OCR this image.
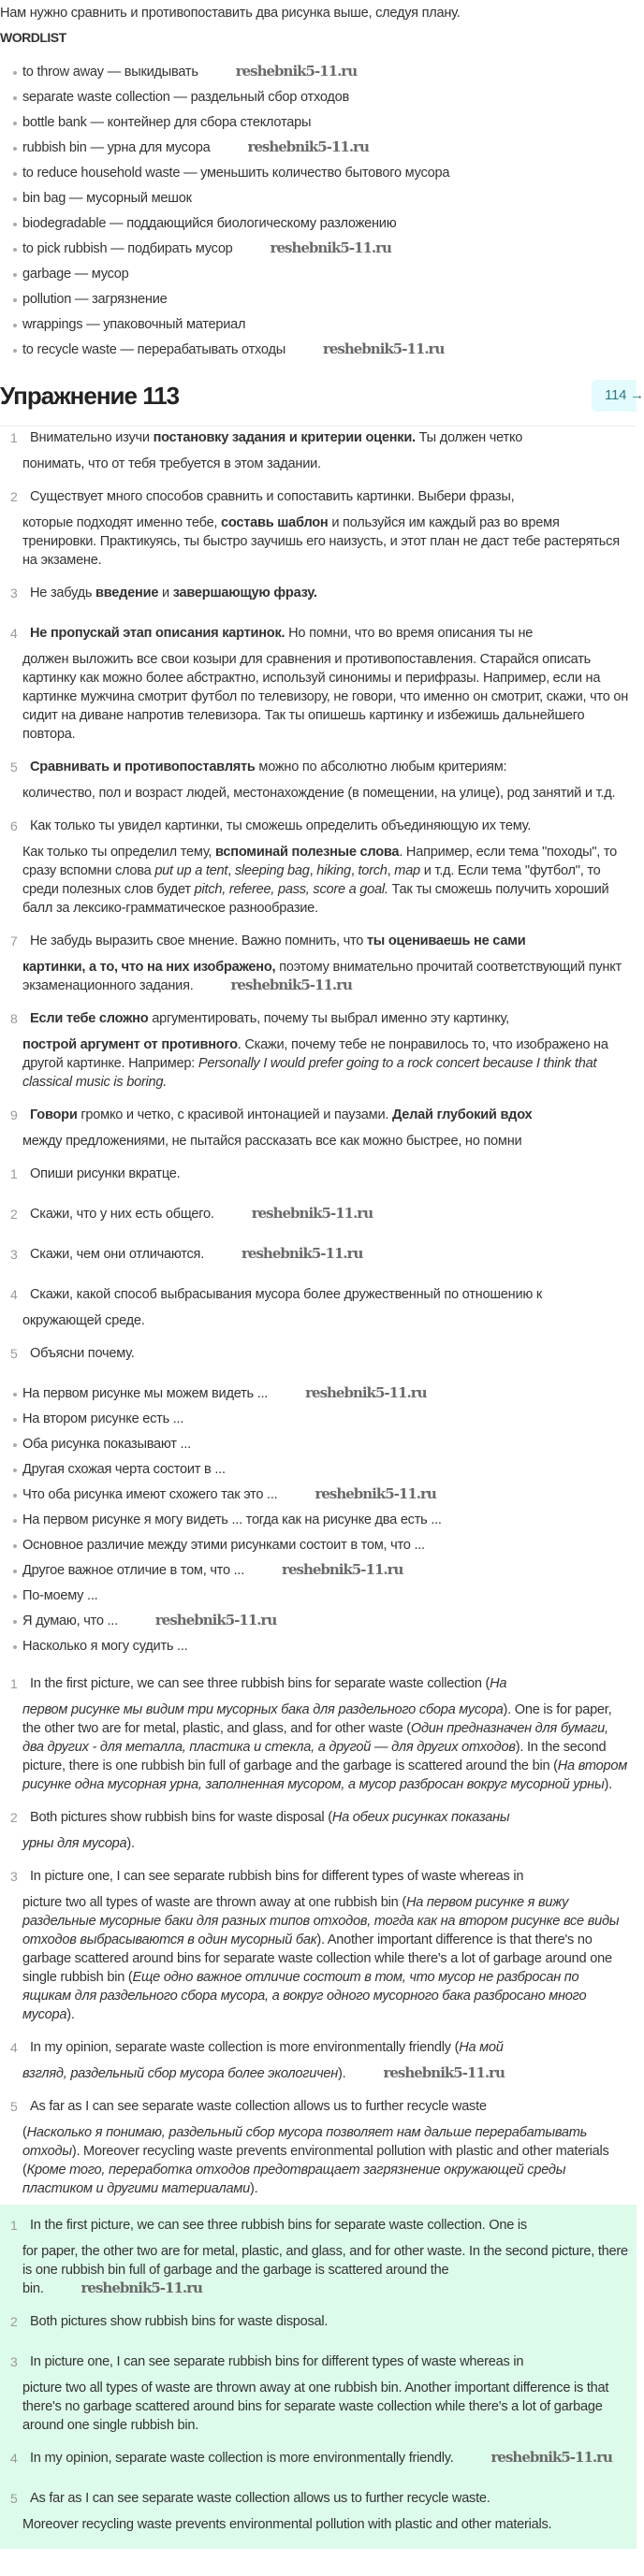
Нам нужно сравнить и противопоставить два рисунка выше, следуя плану.
WORDLIST
to throw away — выкидывать	reshebnik5-11.ru
separate waste collection — раздельный сбор отходов
bottle bank — контейнер для сбора стеклотары
rubbish bin — урна для мусора	reshebnik5-11.ru
to reduce household waste — уменьшить количество бытового мусора
bin bag — мусорный мешок
biodegradable — поддающийся биологическому разложению
to pick rubbish — подбирать мусор	reshebnik5-11.ru
garbage — мусор
pollution — загрязнение
wrappings — упаковочный материал
to recycle waste — перерабатывать отходы	reshebnik5-11.ru
Упражнение 113	114 →
1 Внимательно изучи постановку задания и критерии оценки. Ты должен четко
понимать, что от тебя требуется в этом задании.
2 Существует много способов сравнить и сопоставить картинки. Выбери фразы,
которые подходят именно тебе, составь шаблон и пользуйся им каждый раз во время тренировки. Практикуясь, ты быстро заучишь его наизусть, и этот план не даст тебе растеряться на экзамене.
3 Не забудь введение и завершающую фразу.
4 Не пропускай этап описания картинок. Но помни, что во время описания ты не
должен выложить все свои козыри для сравнения и противопоставления. Старайся описать картинку как можно более абстрактно, используй синонимы и перифразы. Например, если на картинке мужчина смотрит футбол по телевизору, не говори, что именно он смотрит, скажи, что он сидит на диване напротив телевизора. Так ты опишешь картинку и избежишь дальнейшего повтора.
5 Сравнивать и противопоставлять можно по абсолютно любым критериям:
количество, пол и возраст людей, местонахождение (в помещении, на улице), род занятий и т.д.
6 Как только ты увидел картинки, ты сможешь определить объединяющую их тему.
Как только ты определил тему, вспоминай полезные слова. Например, если тема "походы", то сразу вспомни слова put up a tent, sleeping bag, hiking, torch, map и т.д. Если тема "футбол", то среди полезных слов будет pitch, referee, pass, score a goal. Так ты сможешь получить хороший балл за лексико-грамматическое разнообразие.
7 Не забудь выразить свое мнение. Важно помнить, что ты оцениваешь не сами
картинки, а то, что на них изображено, поэтому внимательно прочитай соответствующий пункт экзаменационного задания.	reshebnik5-11.ru
8 Если тебе сложно аргументировать, почему ты выбрал именно эту картинку,
построй аргумент от противного. Скажи, почему тебе не понравилось то, что изображено на другой картинке. Например: Personally I would prefer going to a rock concert because I think that classical music is boring.
9 Говори громко и четко, с красивой интонацией и паузами. Делай глубокий вдох
между предложениями, не пытайся рассказать все как можно быстрее, но помни
1 Опиши рисунки вкратце.
2 Скажи, что у них есть общего.	reshebnik5-11.ru
3 Скажи, чем они отличаются.	reshebnik5-11.ru
4 Скажи, какой способ выбрасывания мусора более дружественный по отношению к
окружающей среде.
5 Объясни почему.
На первом рисунке мы можем видеть ...	reshebnik5-11.ru
На втором рисунке есть ...
Оба рисунка показывают ...
Другая схожая черта состоит в ...
Что оба рисунка имеют схожего так это ...	reshebnik5-11.ru
На первом рисунке я могу видеть ... тогда как на рисунке два есть ...
Основное различие между этими рисунками состоит в том, что ...
Другое важное отличие в том, что ...	reshebnik5-11.ru
По-моему ...
Я думаю, что ...	reshebnik5-11.ru
Насколько я могу судить ...
1 In the first picture, we can see three rubbish bins for separate waste collection (На
первом рисунке мы видим три мусорных бака для раздельного сбора мусора). One is for paper, the other two are for metal, plastic, and glass, and for other waste (Один предназначен для бумаги, два других - для металла, пластика и стекла, а другой — для других отходов). In the second picture, there is one rubbish bin full of garbage and the garbage is scattered around the bin (На втором рисунке одна мусорная урна, заполненная мусором, а мусор разбросан вокруг мусорной урны).
2 Both pictures show rubbish bins for waste disposal (На обеих рисунках показаны
урны для мусора).
3 In picture one, I can see separate rubbish bins for different types of waste whereas in
picture two all types of waste are thrown away at one rubbish bin (На первом рисунке я вижу раздельные мусорные баки для разных типов отходов, тогда как на втором рисунке все виды отходов выбрасываются в один мусорный бак). Another important difference is that there's no garbage scattered around bins for separate waste collection while there's a lot of garbage around one single rubbish bin (Еще одно важное отличие состоит в том, что мусор не разбросан по ящикам для раздельного сбора мусора, а вокруг одного мусорного бака разбросано много мусора).
4 In my opinion, separate waste collection is more environmentally friendly (На мой
взгляд, раздельный сбор мусора более экологичен).	reshebnik5-11.ru
5 As far as I can see separate waste collection allows us to further recycle waste
(Насколько я понимаю, раздельный сбор мусора позволяет нам дальше перерабатывать отходы). Moreover recycling waste prevents environmental pollution with plastic and other materials (Кроме того, переработка отходов предотвращает загрязнение окружающей среды пластиком и другими материалами).
1 In the first picture, we can see three rubbish bins for separate waste collection. One is
for paper, the other two are for metal, plastic, and glass, and for other waste. In the second picture, there is one rubbish bin full of garbage and the garbage is scattered around the bin.	reshebnik5-11.ru
2 Both pictures show rubbish bins for waste disposal.
3 In picture one, I can see separate rubbish bins for different types of waste whereas in
picture two all types of waste are thrown away at one rubbish bin. Another important difference is that there's no garbage scattered around bins for separate waste collection while there's a lot of garbage around one single rubbish bin.
4 In my opinion, separate waste collection is more environmentally friendly.	reshebnik5-11.ru
5 As far as I can see separate waste collection allows us to further recycle waste.
Moreover recycling waste prevents environmental pollution with plastic and other materials.
